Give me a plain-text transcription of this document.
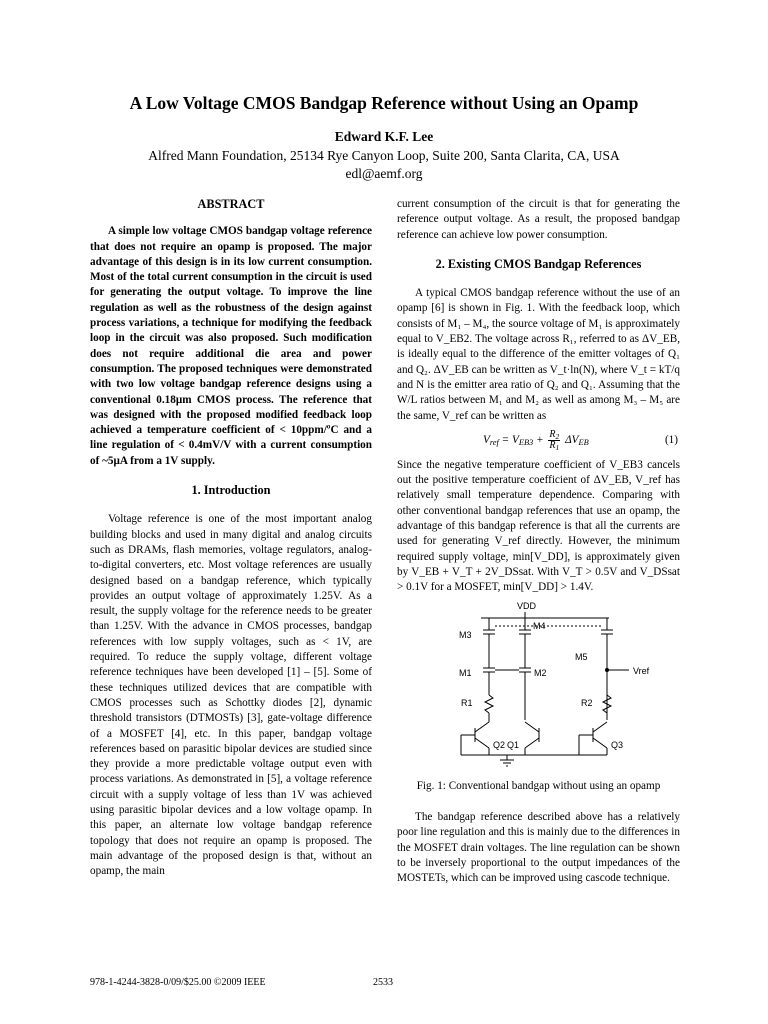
A Low Voltage CMOS Bandgap Reference without Using an Opamp
Edward K.F. Lee
Alfred Mann Foundation, 25134 Rye Canyon Loop, Suite 200, Santa Clarita, CA, USA
edl@aemf.org
ABSTRACT

A simple low voltage CMOS bandgap voltage reference that does not require an opamp is proposed. The major advantage of this design is in its low current consumption. Most of the total current consumption in the circuit is used for generating the output voltage. To improve the line regulation as well as the robustness of the design against process variations, a technique for modifying the feedback loop in the circuit was also proposed. Such modification does not require additional die area and power consumption. The proposed techniques were demonstrated with two low voltage bandgap reference designs using a conventional 0.18μm CMOS process. The reference that was designed with the proposed modified feedback loop achieved a temperature coefficient of < 10ppm/ºC and a line regulation of < 0.4mV/V with a current consumption of ~5μA from a 1V supply.

1. Introduction

Voltage reference is one of the most important analog building blocks and used in many digital and analog circuits such as DRAMs, flash memories, voltage regulators, analog-to-digital converters, etc. Most voltage references are usually designed based on a bandgap reference, which typically provides an output voltage of approximately 1.25V. As a result, the supply voltage for the reference needs to be greater than 1.25V. With the advance in CMOS processes, bandgap references with low supply voltages, such as < 1V, are required. To reduce the supply voltage, different voltage reference techniques have been developed [1] – [5]. Some of these techniques utilized devices that are compatible with CMOS processes such as Schottky diodes [2], dynamic threshold transistors (DTMOSTs) [3], gate-voltage difference of a MOSFET [4], etc. In this paper, bandgap voltage references based on parasitic bipolar devices are studied since they provide a more predictable voltage output even with process variations. As demonstrated in [5], a voltage reference circuit with a supply voltage of less than 1V was achieved using parasitic bipolar devices and a low voltage opamp. In this paper, an alternate low voltage bandgap reference topology that does not require an opamp is proposed. The main advantage of the proposed design is that, without an opamp, the main

current consumption of the circuit is that for generating the reference output voltage. As a result, the proposed bandgap reference can achieve low power consumption.

2. Existing CMOS Bandgap References

A typical CMOS bandgap reference without the use of an opamp [6] is shown in Fig. 1. With the feedback loop, which consists of M₁ – M₄, the source voltage of M₁ is approximately equal to V_EB2. The voltage across R₁, referred to as ΔV_EB, is ideally equal to the difference of the emitter voltages of Q₁ and Q₂. ΔV_EB can be written as V_t·ln(N), where V_t = kT/q and N is the emitter area ratio of Q₂ and Q₁. Assuming that the W/L ratios between M₁ and M₂ as well as among M₃ – M₅ are the same, V_ref can be written as

$V_{ref} = V_{EB3} + \frac{R_2}{R_1} \Delta V_{EB}$	(1)

Since the negative temperature coefficient of V_EB3 cancels out the positive temperature coefficient of ΔV_EB, V_ref has relatively small temperature dependence. Comparing with other conventional bandgap references that use an opamp, the advantage of this bandgap reference is that all the currents are used for generating V_ref directly. However, the minimum required supply voltage, min[V_DD], is approximately given by V_EB + V_T + 2V_DSsat. With V_T > 0.5V and V_DSsat > 0.1V for a MOSFET, min[V_DD] > 1.4V.

VDD
M3
M4
M5
M1	M2	Vref
R1	R2
Q2 Q1	Q3

Fig. 1: Conventional bandgap without using an opamp

The bandgap reference described above has a relatively poor line regulation and this is mainly due to the differences in the MOSFET drain voltages. The line regulation can be shown to be inversely proportional to the output impedances of the MOSTETs, which can be improved using cascode technique.

978-1-4244-3828-0/09/$25.00 ©2009 IEEE	2533
